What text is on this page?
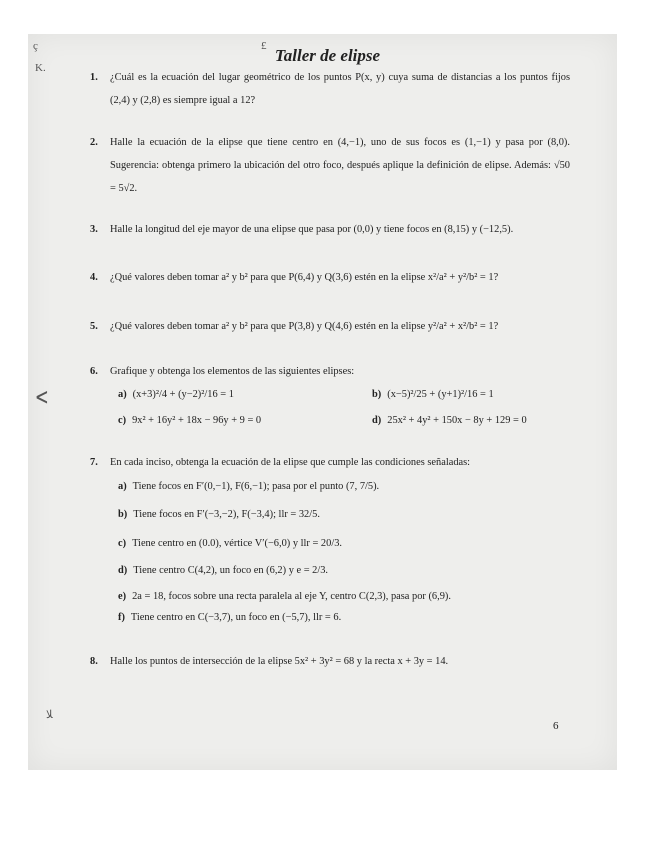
ç	£
K.
ᐸ
ﻼ
Taller de elipse
1. ¿Cuál es la ecuación del lugar geométrico de los puntos P(x, y) cuya suma de distancias a los puntos fijos (2,4) y (2,8) es siempre igual a 12?
2. Halle la ecuación de la elipse que tiene centro en (4,−1), uno de sus focos es (1,−1) y pasa por (8,0). Sugerencia: obtenga primero la ubicación del otro foco, después aplique la definición de elipse. Además: √50 = 5√2.
3. Halle la longitud del eje mayor de una elipse que pasa por (0,0) y tiene focos en (8,15) y (−12,5).
4. ¿Qué valores deben tomar a² y b² para que P(6,4) y Q(3,6) estén en la elipse x²/a² + y²/b² = 1?
5. ¿Qué valores deben tomar a² y b² para que P(3,8) y Q(4,6) estén en la elipse y²/a² + x²/b² = 1?
6. Grafique y obtenga los elementos de las siguientes elipses:
a) (x+3)²/4 + (y−2)²/16 = 1	b) (x−5)²/25 + (y+1)²/16 = 1
c) 9x² + 16y² + 18x − 96y + 9 = 0	d) 25x² + 4y² + 150x − 8y + 129 = 0
7. En cada inciso, obtenga la ecuación de la elipse que cumple las condiciones señaladas:
a) Tiene focos en F′(0,−1), F(6,−1); pasa por el punto (7, 7/5).
b) Tiene focos en F′(−3,−2), F(−3,4); llr = 32/5.
c) Tiene centro en (0.0), vértice V′(−6,0) y llr = 20/3.
d) Tiene centro C(4,2), un foco en (6,2) y e = 2/3.
e) 2a = 18, focos sobre una recta paralela al eje Y, centro C(2,3), pasa por (6,9).
f) Tiene centro en C(−3,7), un foco en (−5,7), llr = 6.
8. Halle los puntos de intersección de la elipse 5x² + 3y² = 68 y la recta x + 3y = 14.
6
